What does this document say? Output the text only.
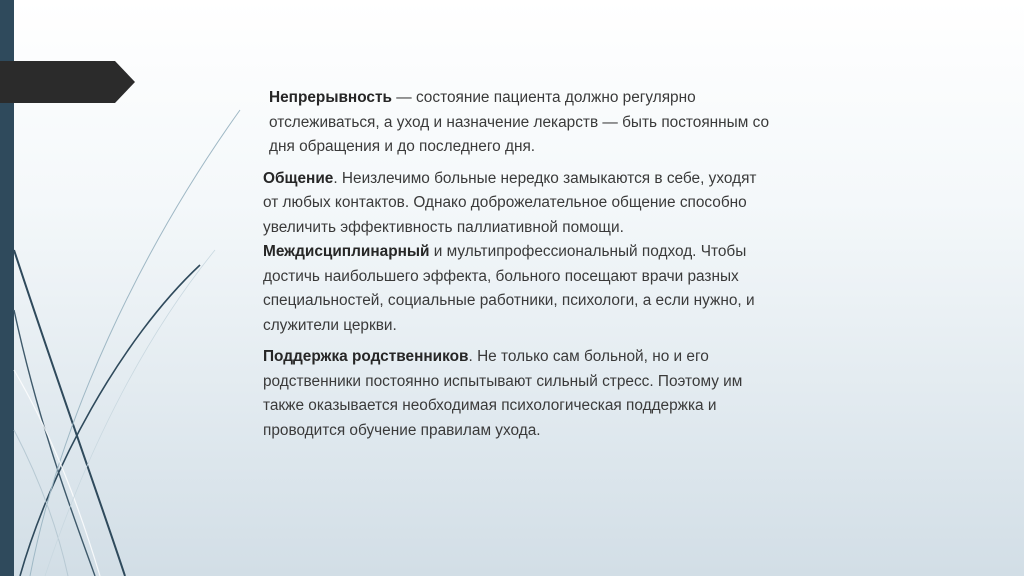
Непрерывность — состояние пациента должно регулярно отслеживаться, а уход и назначение лекарств — быть постоянным со дня обращения и до последнего дня.

Общение. Неизлечимо больные нередко замыкаются в себе, уходят от любых контактов. Однако доброжелательное общение способно увеличить эффективность паллиативной помощи.

Междисциплинарный и мультипрофессиональный подход. Чтобы достичь наибольшего эффекта, больного посещают врачи разных специальностей, социальные работники, психологи, а если нужно, и служители церкви.

Поддержка родственников. Не только сам больной, но и его родственники постоянно испытывают сильный стресс. Поэтому им также оказывается необходимая психологическая поддержка и проводится обучение правилам ухода.
